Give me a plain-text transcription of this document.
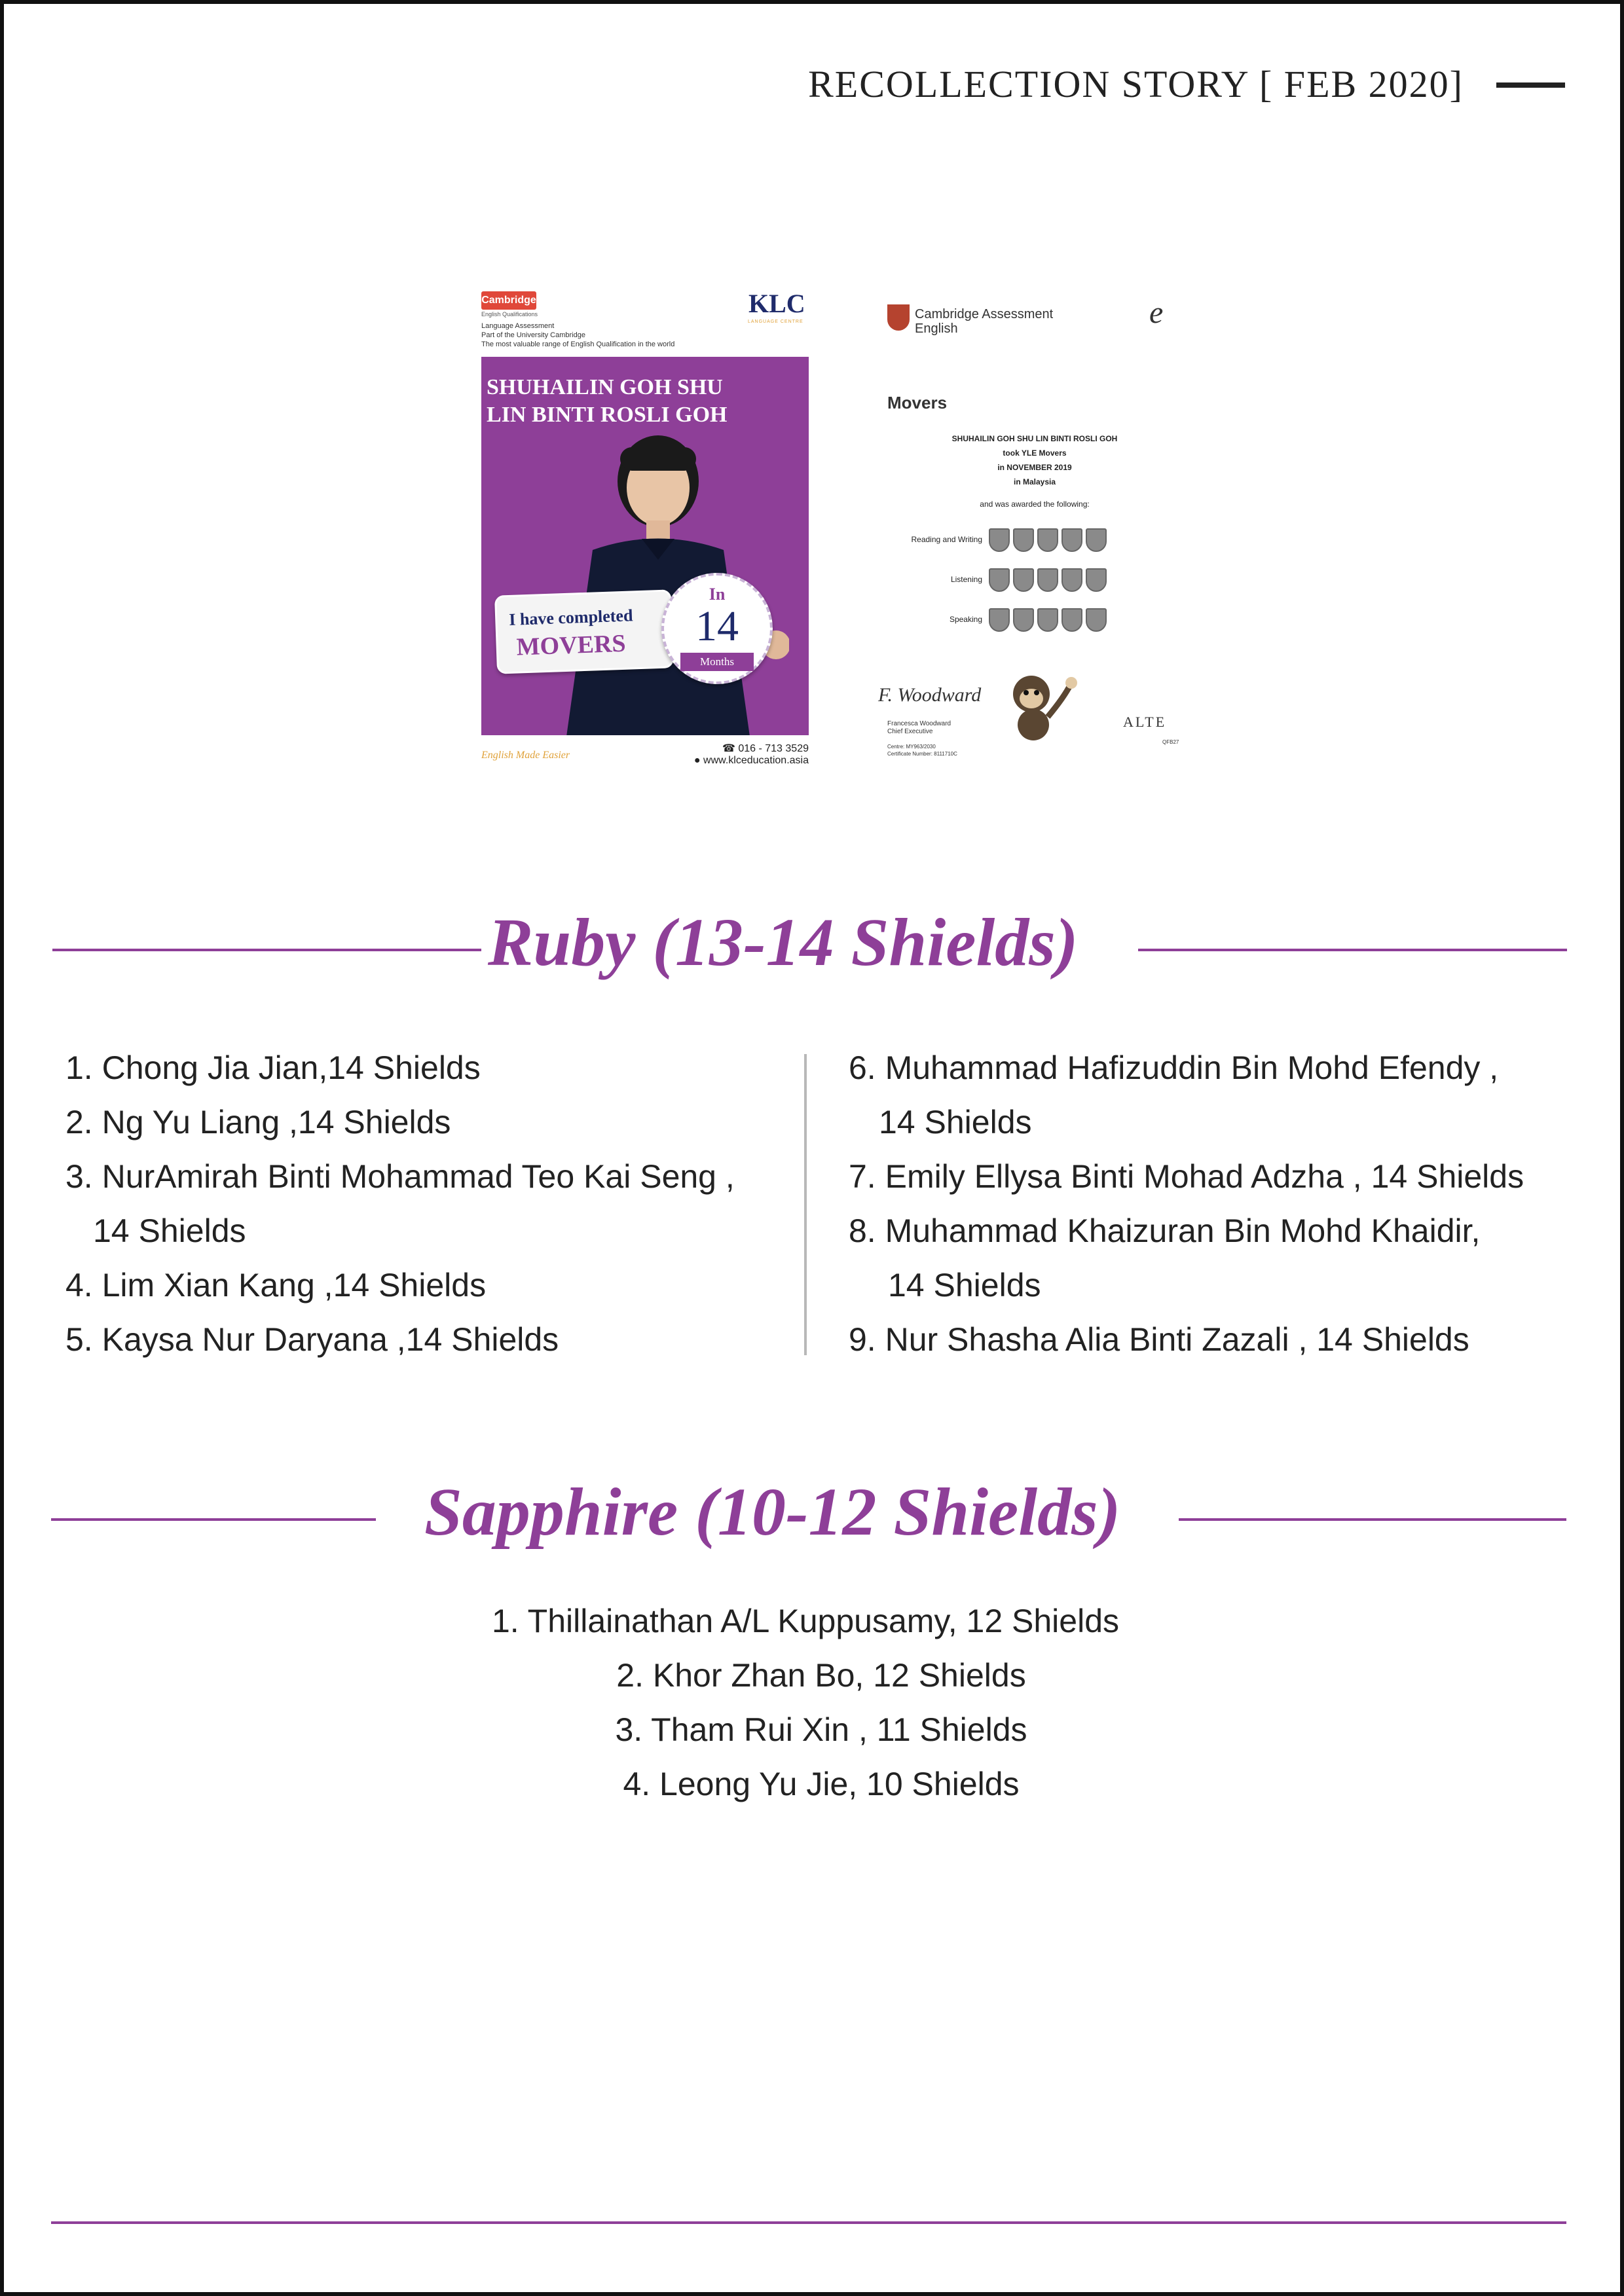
RECOLLECTION STORY [ FEB 2020]
Cambridge
English Qualifications
Language Assessment
Part of the University Cambridge
The most valuable range of English Qualification in the world
KLC
LANGUAGE CENTRE
SHUHAILIN GOH SHU LIN BINTI ROSLI GOH
I have completed
MOVERS
In
14
Months
English Made Easier
☎ 016 - 713 3529
● www.klceducation.asia
Cambridge Assessment
English	e
Movers
SHUHAILIN GOH SHU LIN BINTI ROSLI GOH
took YLE Movers
in NOVEMBER 2019
in Malaysia
and was awarded the following:
Reading and Writing
Listening
Speaking
F. Woodward
Francesca Woodward
Chief Executive
Centre: MY963/2030
Certificate Number: 8111710C
ALTE
QFB27
Ruby (13-14 Shields)
1. Chong Jia Jian,14 Shields
2. Ng Yu Liang ,14 Shields
3. NurAmirah Binti Mohammad Teo Kai Seng ,
14 Shields
4. Lim Xian Kang ,14 Shields
5. Kaysa Nur Daryana ,14 Shields
6. Muhammad Hafizuddin Bin Mohd Efendy ,
14 Shields
7. Emily Ellysa Binti Mohad Adzha , 14 Shields
8. Muhammad Khaizuran Bin Mohd Khaidir,
14 Shields
9. Nur Shasha Alia Binti Zazali , 14 Shields
Sapphire (10-12 Shields)
1. Thillainathan A/L Kuppusamy, 12 Shields
2. Khor Zhan Bo, 12 Shields
3. Tham Rui Xin , 11 Shields
4. Leong Yu Jie, 10 Shields
